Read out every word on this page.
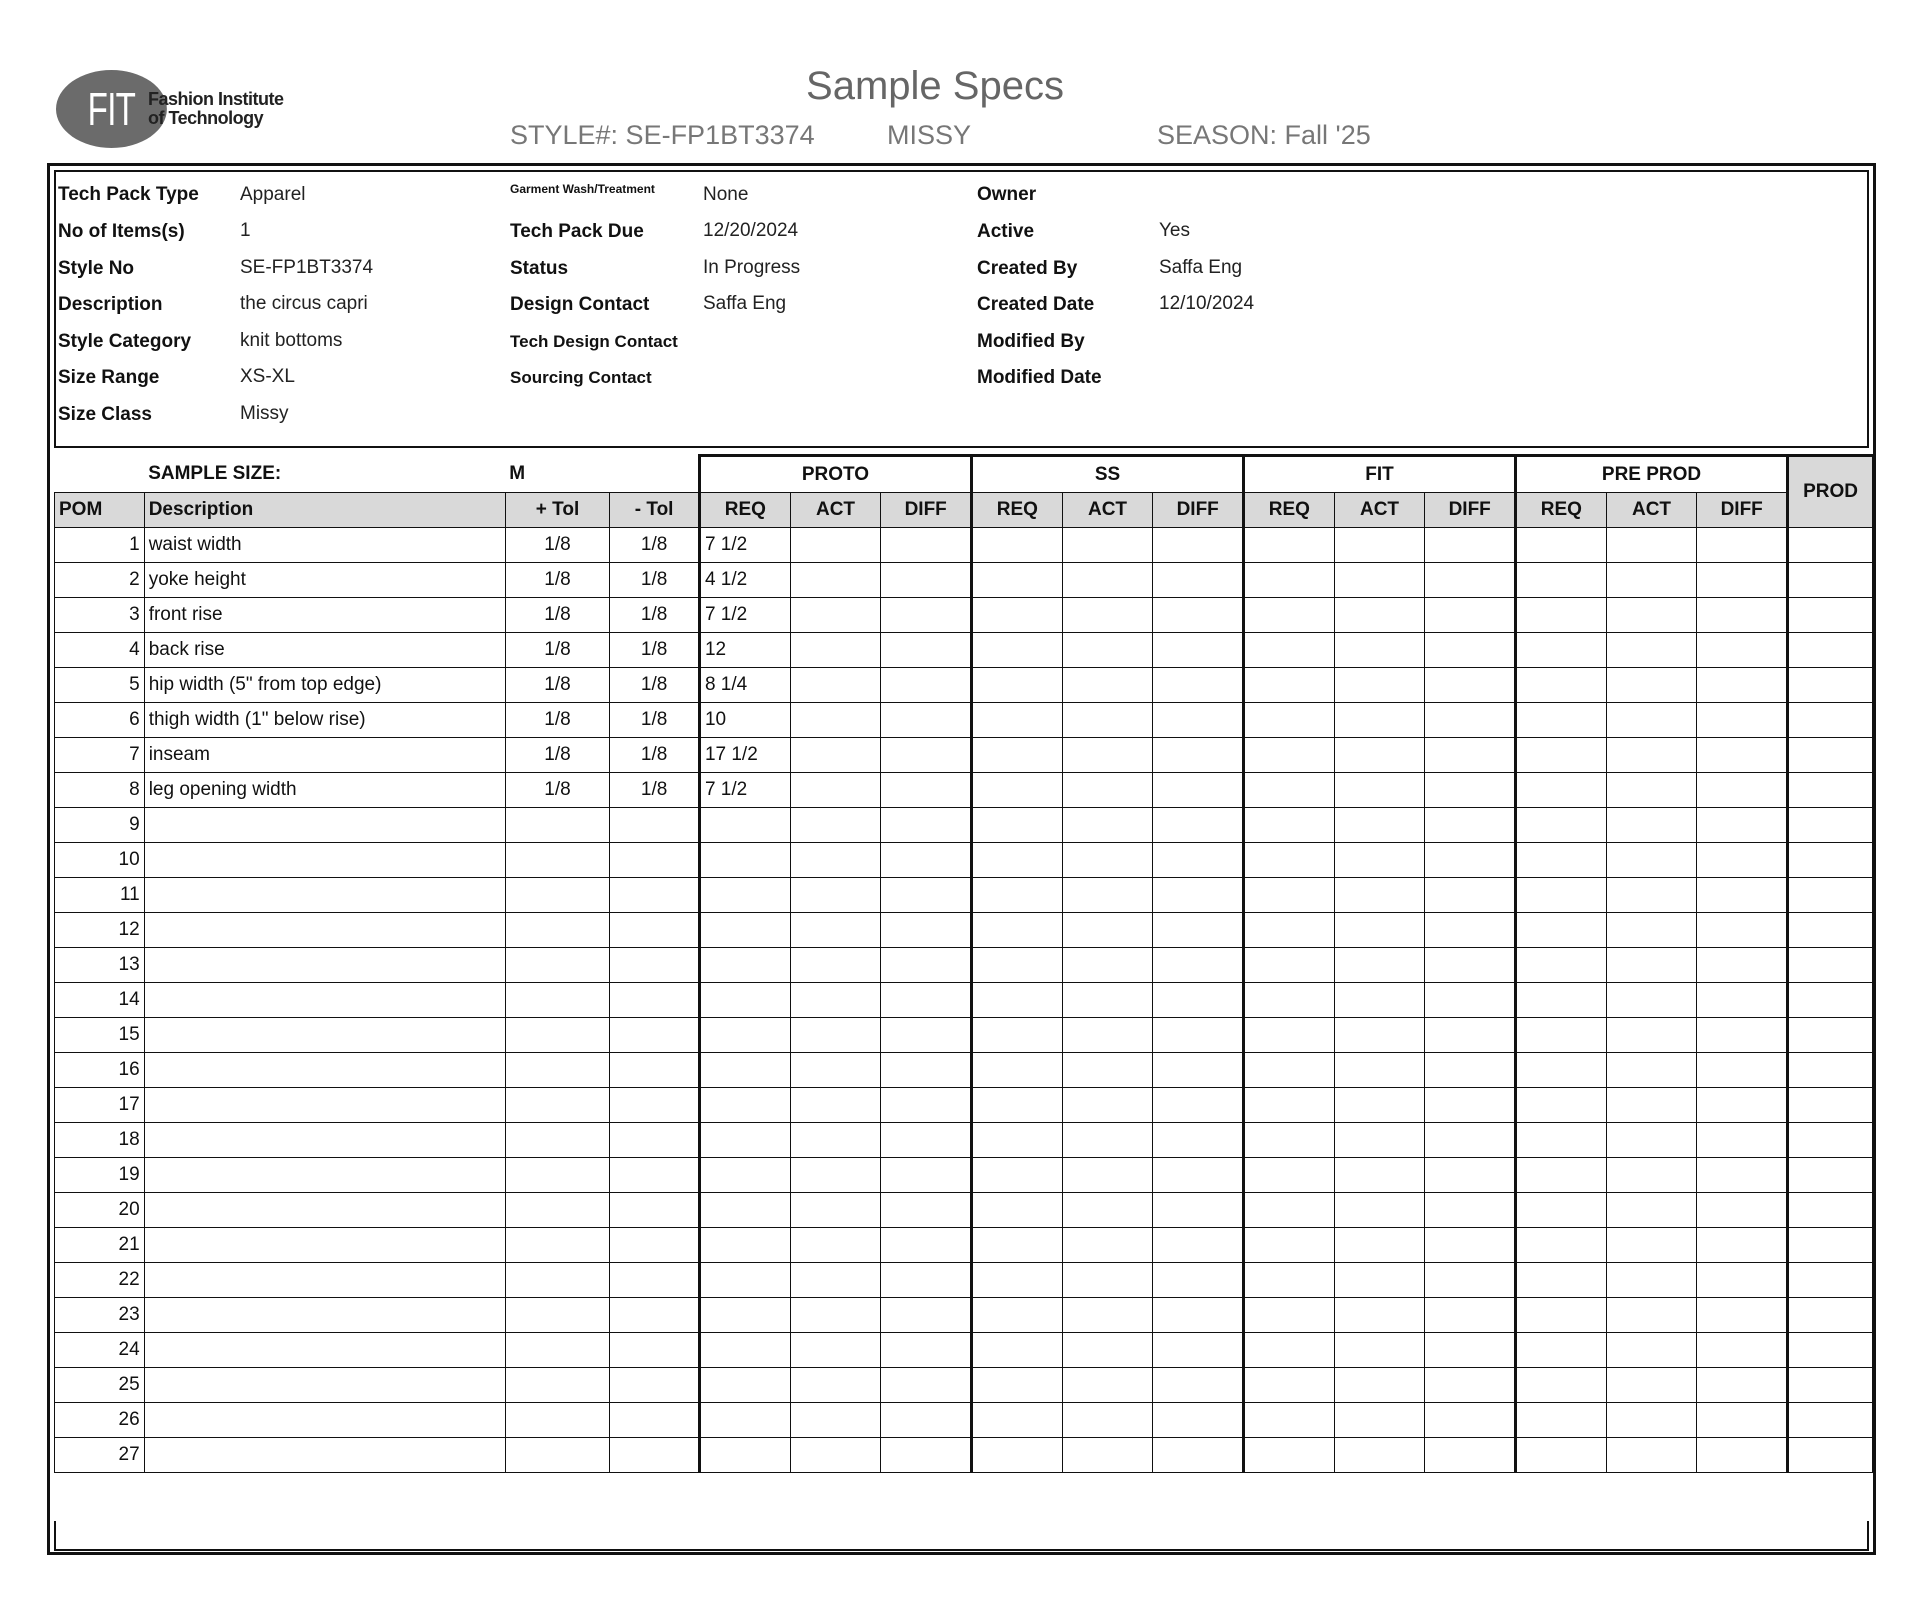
FIT Fashion Institute
of Technology
Sample Specs
STYLE#: SE-FP1BT3374	MISSY	SEASON: Fall '25
Tech Pack Type Apparel
No of Items(s)	1
Style No	SE-FP1BT3374
Description	the circus capri
Style Category	knit bottoms
Size Range	XS-XL
Size Class	Missy
Garment Wash/Treatment	None
Tech Pack Due	12/20/2024
Status	In Progress
Design Contact	Saffa Eng
Tech Design Contact
Sourcing Contact
Owner
Active	Yes
Created By	Saffa Eng
Created Date	12/10/2024
Modified By
Modified Date
	SAMPLE SIZE:	M		PROTO			SS			FIT			PRE PROD			PROD
POM	Description	+ Tol	- Tol	REQ	ACT	DIFF	REQ	ACT	DIFF	REQ	ACT	DIFF	REQ	ACT	DIFF	
1	waist width	1/8	1/8	7 1/2												
2	yoke height	1/8	1/8	4 1/2												
3	front rise	1/8	1/8	7 1/2												
4	back rise	1/8	1/8	12												
5	hip width (5" from top edge)	1/8	1/8	8 1/4												
6	thigh width (1" below rise)	1/8	1/8	10												
7	inseam	1/8	1/8	17 1/2												
8	leg opening width	1/8	1/8	7 1/2												
9																
10																
11																
12																
13																
14																
15																
16																
17																
18																
19																
20																
21																
22																
23																
24																
25																
26																
27																
